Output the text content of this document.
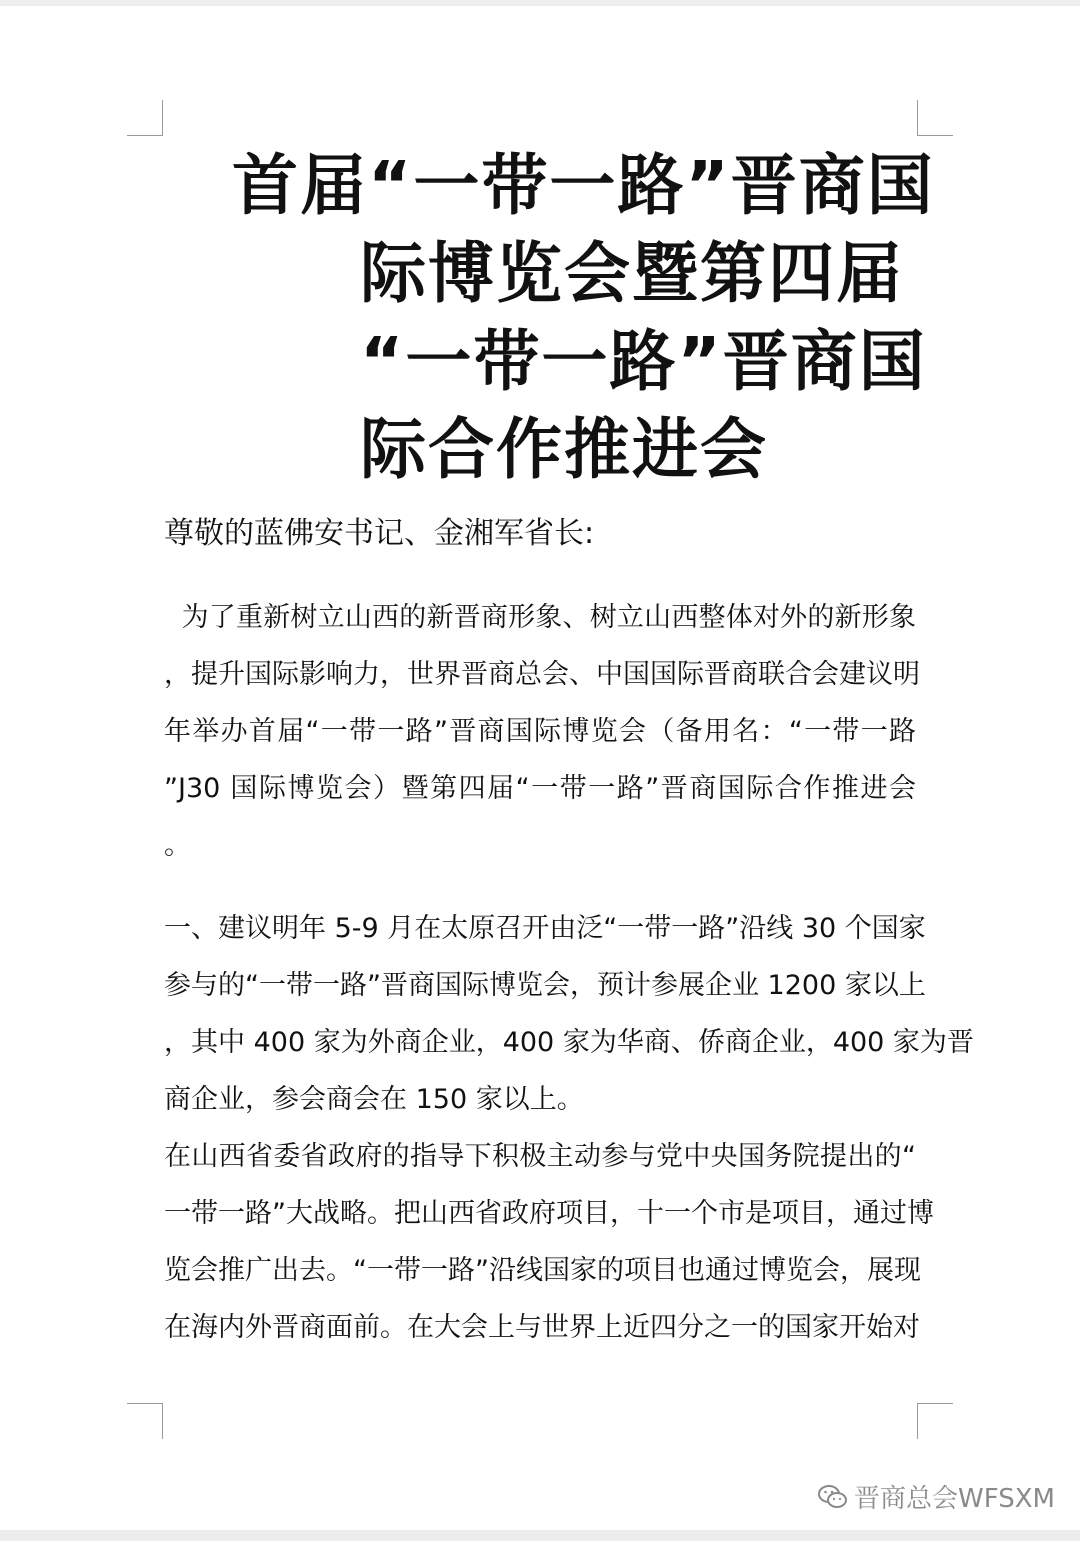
首届“一带一路”晋商国
际博览会暨第四届
“一带一路”晋商国
际合作推进会
尊敬的蓝佛安书记、金湘军省长:
为了重新树立山西的新晋商形象、树立山西整体对外的新形象
，提升国际影响力，世界晋商总会、中国国际晋商联合会建议明
年举办首届“一带一路”晋商国际博览会（备用名：“一带一路
”J30 国际博览会）暨第四届“一带一路”晋商国际合作推进会
。
一、建议明年 5-9 月在太原召开由泛“一带一路”沿线 30 个国家
参与的“一带一路”晋商国际博览会，预计参展企业 1200 家以上
，其中 400 家为外商企业，400 家为华商、侨商企业，400 家为晋
商企业，参会商会在 150 家以上。
在山西省委省政府的指导下积极主动参与党中央国务院提出的“
一带一路”大战略。把山西省政府项目，十一个市是项目，通过博
览会推广出去。“一带一路”沿线国家的项目也通过博览会，展现
在海内外晋商面前。在大会上与世界上近四分之一的国家开始对
晋商总会WFSXM
